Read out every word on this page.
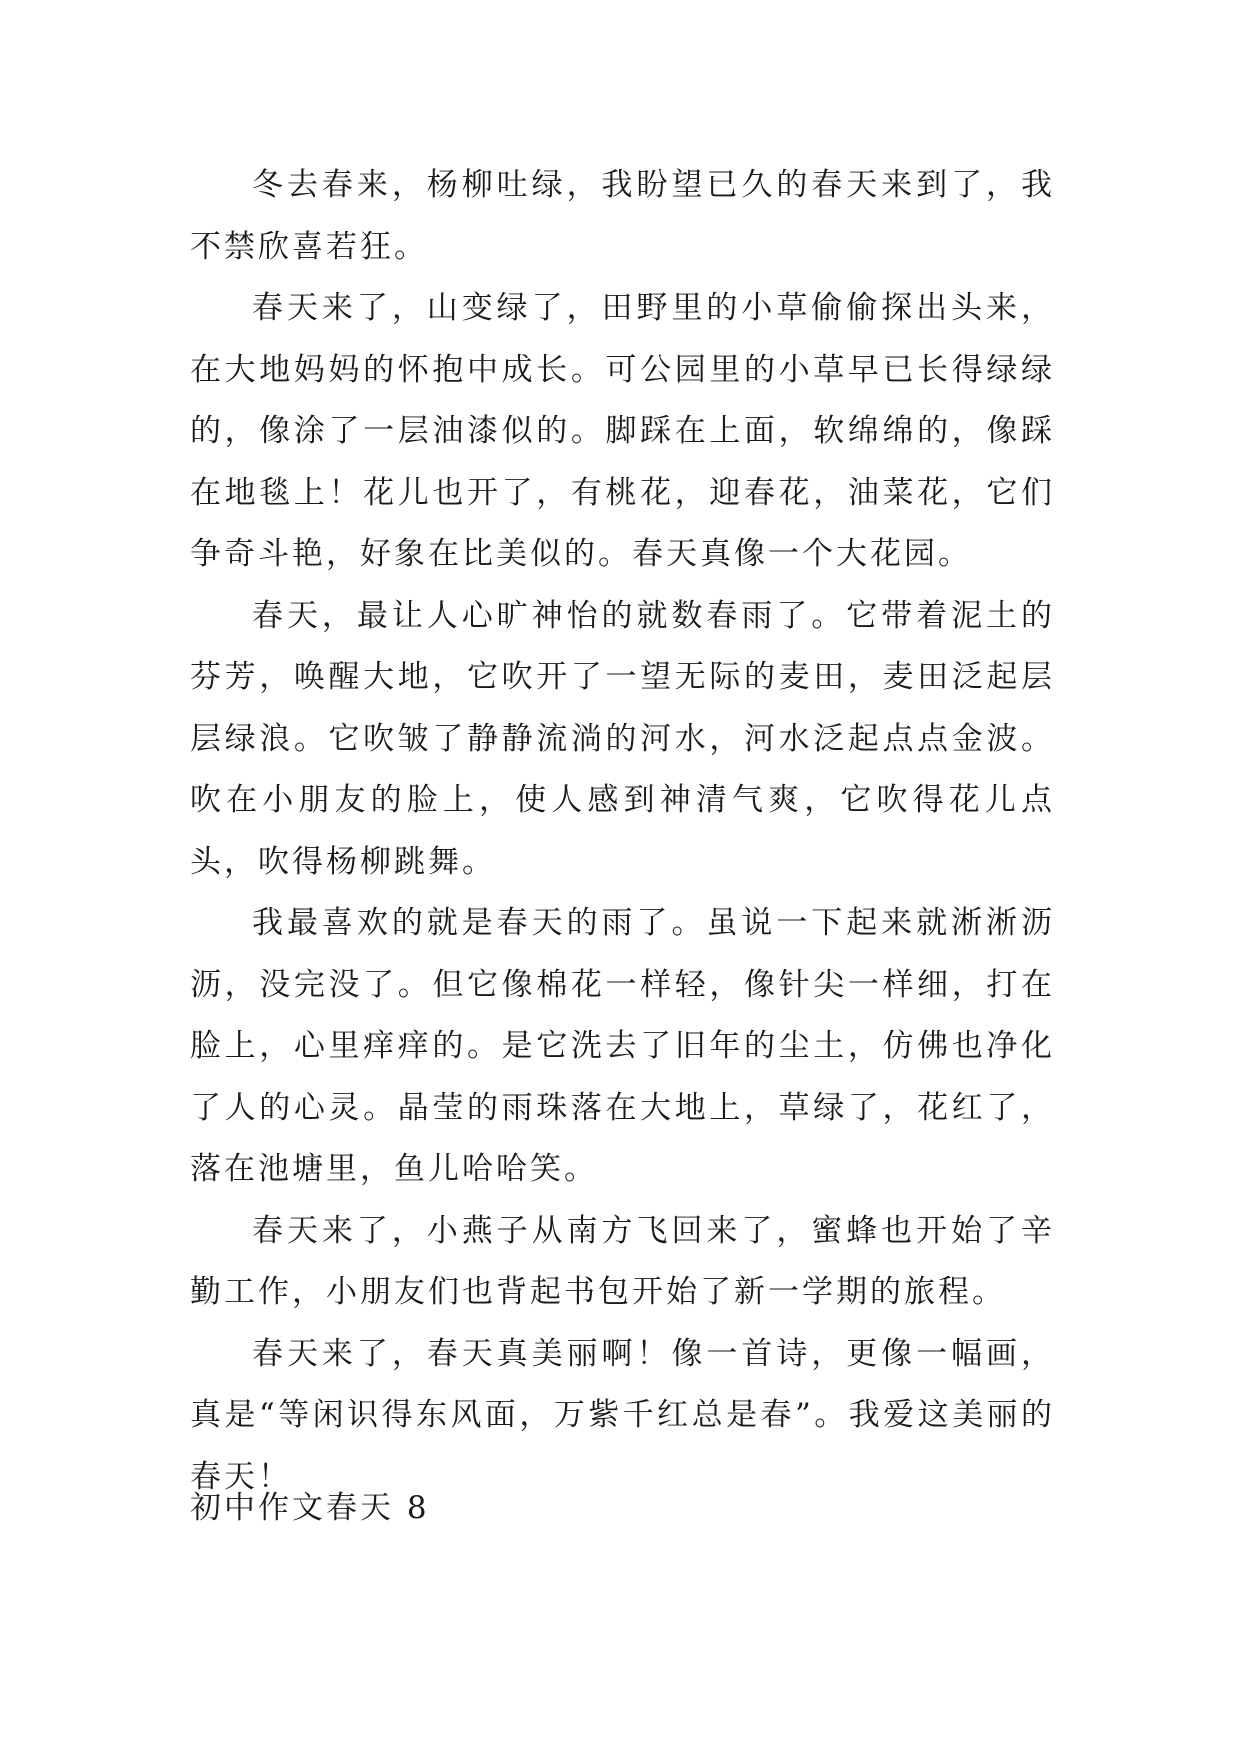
冬去春来，杨柳吐绿，我盼望已久的春天来到了，我不禁欣喜若狂。

春天来了，山变绿了，田野里的小草偷偷探出头来，在大地妈妈的怀抱中成长。可公园里的小草早已长得绿绿的，像涂了一层油漆似的。脚踩在上面，软绵绵的，像踩在地毯上！花儿也开了，有桃花，迎春花，油菜花，它们争奇斗艳，好象在比美似的。春天真像一个大花园。

春天，最让人心旷神怡的就数春雨了。它带着泥土的芬芳，唤醒大地，它吹开了一望无际的麦田，麦田泛起层层绿浪。它吹皱了静静流淌的河水，河水泛起点点金波。吹在小朋友的脸上，使人感到神清气爽，它吹得花儿点头，吹得杨柳跳舞。

我最喜欢的就是春天的雨了。虽说一下起来就淅淅沥沥，没完没了。但它像棉花一样轻，像针尖一样细，打在脸上，心里痒痒的。是它洗去了旧年的尘土，仿佛也净化了人的心灵。晶莹的雨珠落在大地上，草绿了，花红了，落在池塘里，鱼儿哈哈笑。

春天来了，小燕子从南方飞回来了，蜜蜂也开始了辛勤工作，小朋友们也背起书包开始了新一学期的旅程。

春天来了，春天真美丽啊！像一首诗，更像一幅画，真是“等闲识得东风面，万紫千红总是春”。我爱这美丽的春天！

初中作文春天 8
